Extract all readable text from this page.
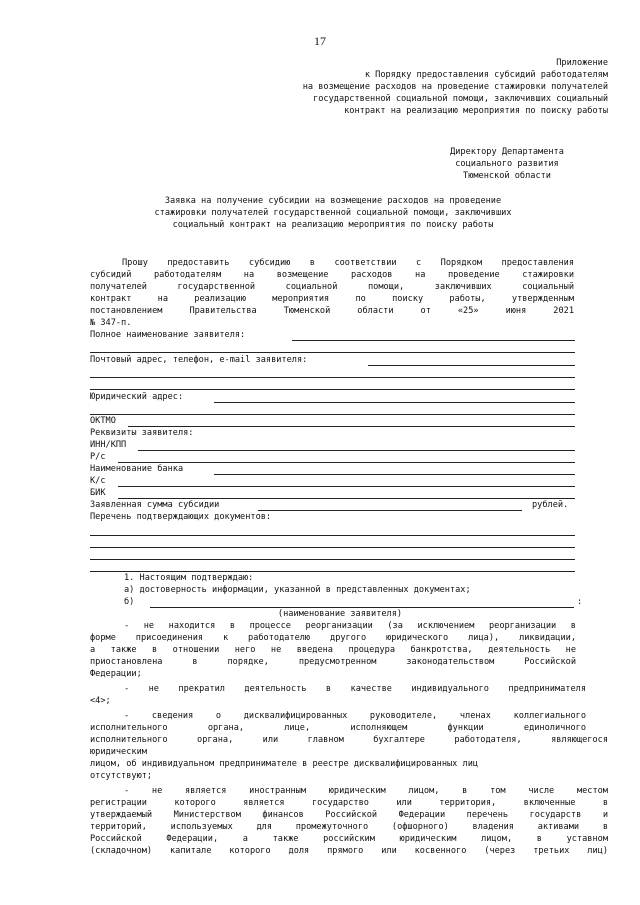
17
Приложение
к Порядку предоставления субсидий работодателям
на возмещение расходов на проведение стажировки получателей
государственной социальной помощи, заключивших социальный
контракт на реализацию мероприятия по поиску работы
Директору Департамента
социального развития
Тюменской области
Заявка на получение субсидии на возмещение расходов на проведение
стажировки получателей государственной социальной помощи, заключивших
социальный контракт на реализацию мероприятия по поиску работы
Прошу предоставить субсидию в соответствии с Порядком предоставления
субсидий работодателям на возмещение расходов на проведение стажировки
получателей государственной социальной помощи, заключивших социальный
контракт на реализацию мероприятия по поиску работы, утвержденным
постановлением Правительства Тюменской области от «25» июня 2021
№ 347-п.
Полное наименование заявителя:
Почтовый адрес, телефон, e-mail заявителя:
Юридический адрес:
ОКТМО
Реквизиты заявителя:
ИНН/КПП
Р/с
Наименование банка
К/с
БИК
Заявленная сумма субсидии	рублей.
Перечень подтверждающих документов:
1. Настоящим подтверждаю:
а) достоверность информации, указанной в представленных документах;
б)	:
(наименование заявителя)
- не находится в процессе реорганизации (за исключением реорганизации в
форме присоединения к работодателю другого юридического лица), ликвидации,
а также в отношении него не введена процедура банкротства, деятельность не
приостановлена в порядке, предусмотренном законодательством Российской
Федерации;
- не прекратил деятельность в качестве индивидуального предпринимателя
<4>;
- сведения о дисквалифицированных руководителе, членах коллегиального
исполнительного органа, лице, исполняющем функции единоличного
исполнительного органа, или главном бухгалтере работодателя, являющегося
юридическим
лицом, об индивидуальном предпринимателе в реестре дисквалифицированных лиц
отсутствуют;
- не является иностранным юридическим лицом, в том числе местом
регистрации которого является государство или территория, включенные в
утверждаемый Министерством финансов Российской Федерации перечень государств и
территорий, используемых для промежуточного (офшорного) владения активами в
Российской Федерации, а также российским юридическим лицом, в уставном
(складочном) капитале которого доля прямого или косвенного (через третьих лиц)
